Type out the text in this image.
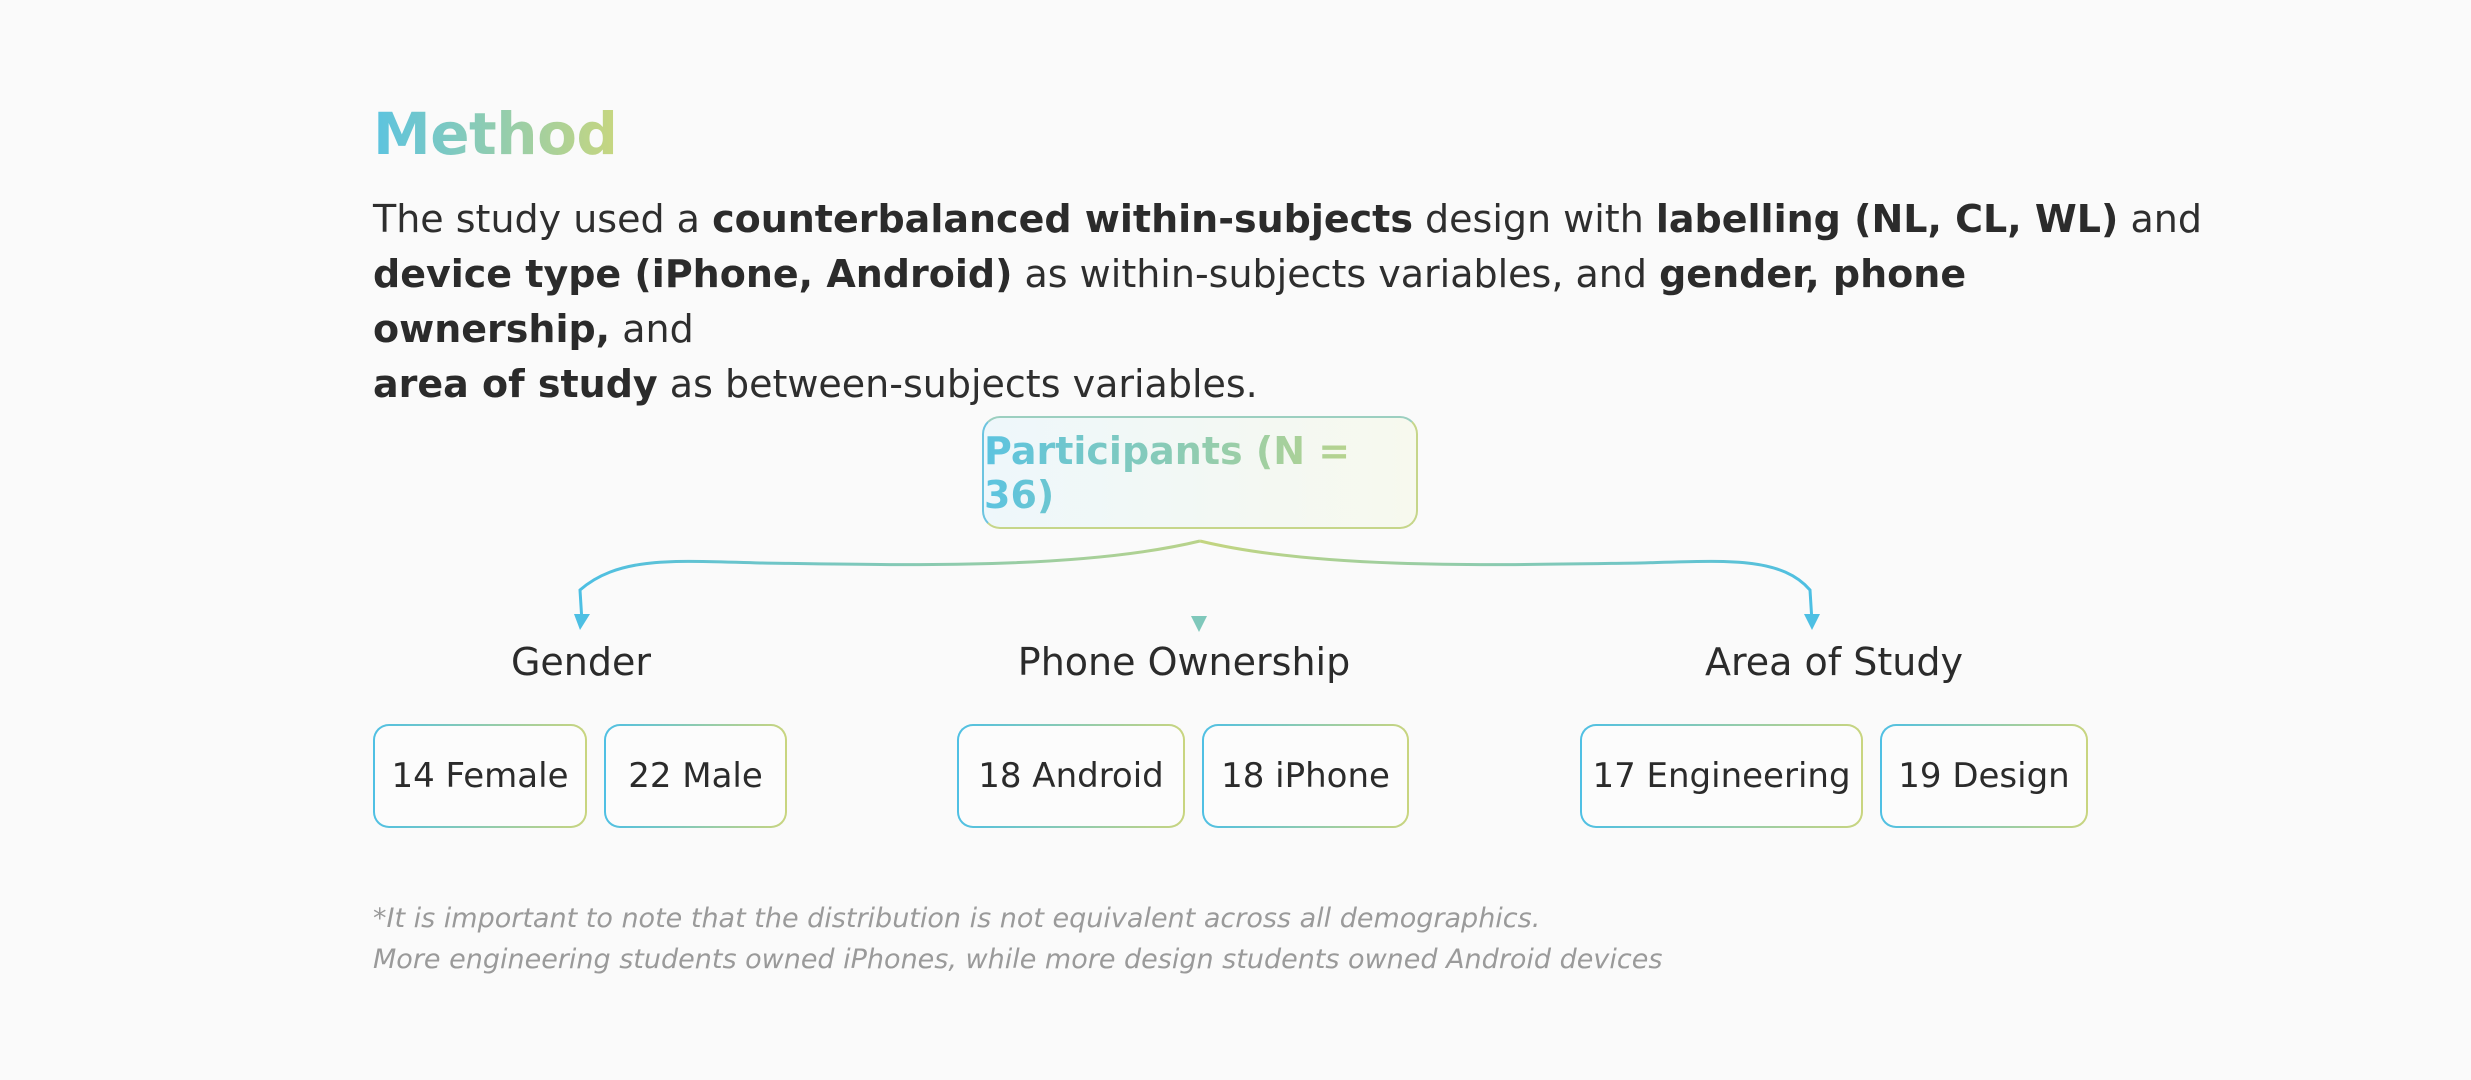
Method

The study used a counterbalanced within-subjects design with labelling (NL, CL, WL) and
device type (iPhone, Android) as within-subjects variables, and gender, phone ownership, and
area of study as between-subjects variables.

Participants (N = 36)
Gender	Phone Ownership	Area of Study
14 Female	22 Male	18 Android	18 iPhone	17 Engineering	19 Design

*It is important to note that the distribution is not equivalent across all demographics.
More engineering students owned iPhones, while more design students owned Android devices
